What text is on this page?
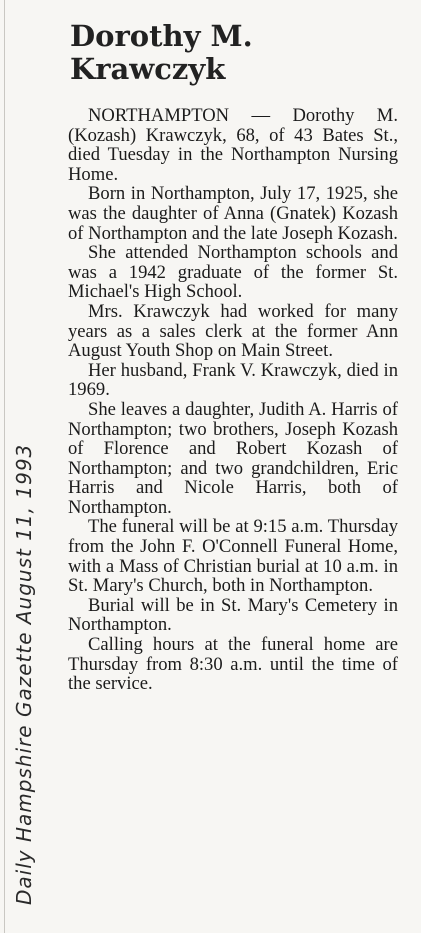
Daily Hampshire Gazette August 11, 1993
Dorothy M.
Krawczyk

NORTHAMPTON — Dorothy M. (Kozash) Krawczyk, 68, of 43 Bates St., died Tuesday in the Northampton Nursing Home.

Born in Northampton, July 17, 1925, she was the daughter of Anna (Gnatek) Kozash of Northampton and the late Joseph Kozash.

She attended Northampton schools and was a 1942 graduate of the former St. Michael's High School.

Mrs. Krawczyk had worked for many years as a sales clerk at the former Ann August Youth Shop on Main Street.

Her husband, Frank V. Krawczyk, died in 1969.

She leaves a daughter, Judith A. Harris of Northampton; two brothers, Joseph Kozash of Florence and Robert Kozash of Northampton; and two grandchildren, Eric Harris and Nicole Harris, both of Northampton.

The funeral will be at 9:15 a.m. Thursday from the John F. O'Connell Funeral Home, with a Mass of Christian burial at 10 a.m. in St. Mary's Church, both in Northampton.

Burial will be in St. Mary's Cemetery in Northampton.

Calling hours at the funeral home are Thursday from 8:30 a.m. until the time of the service.
